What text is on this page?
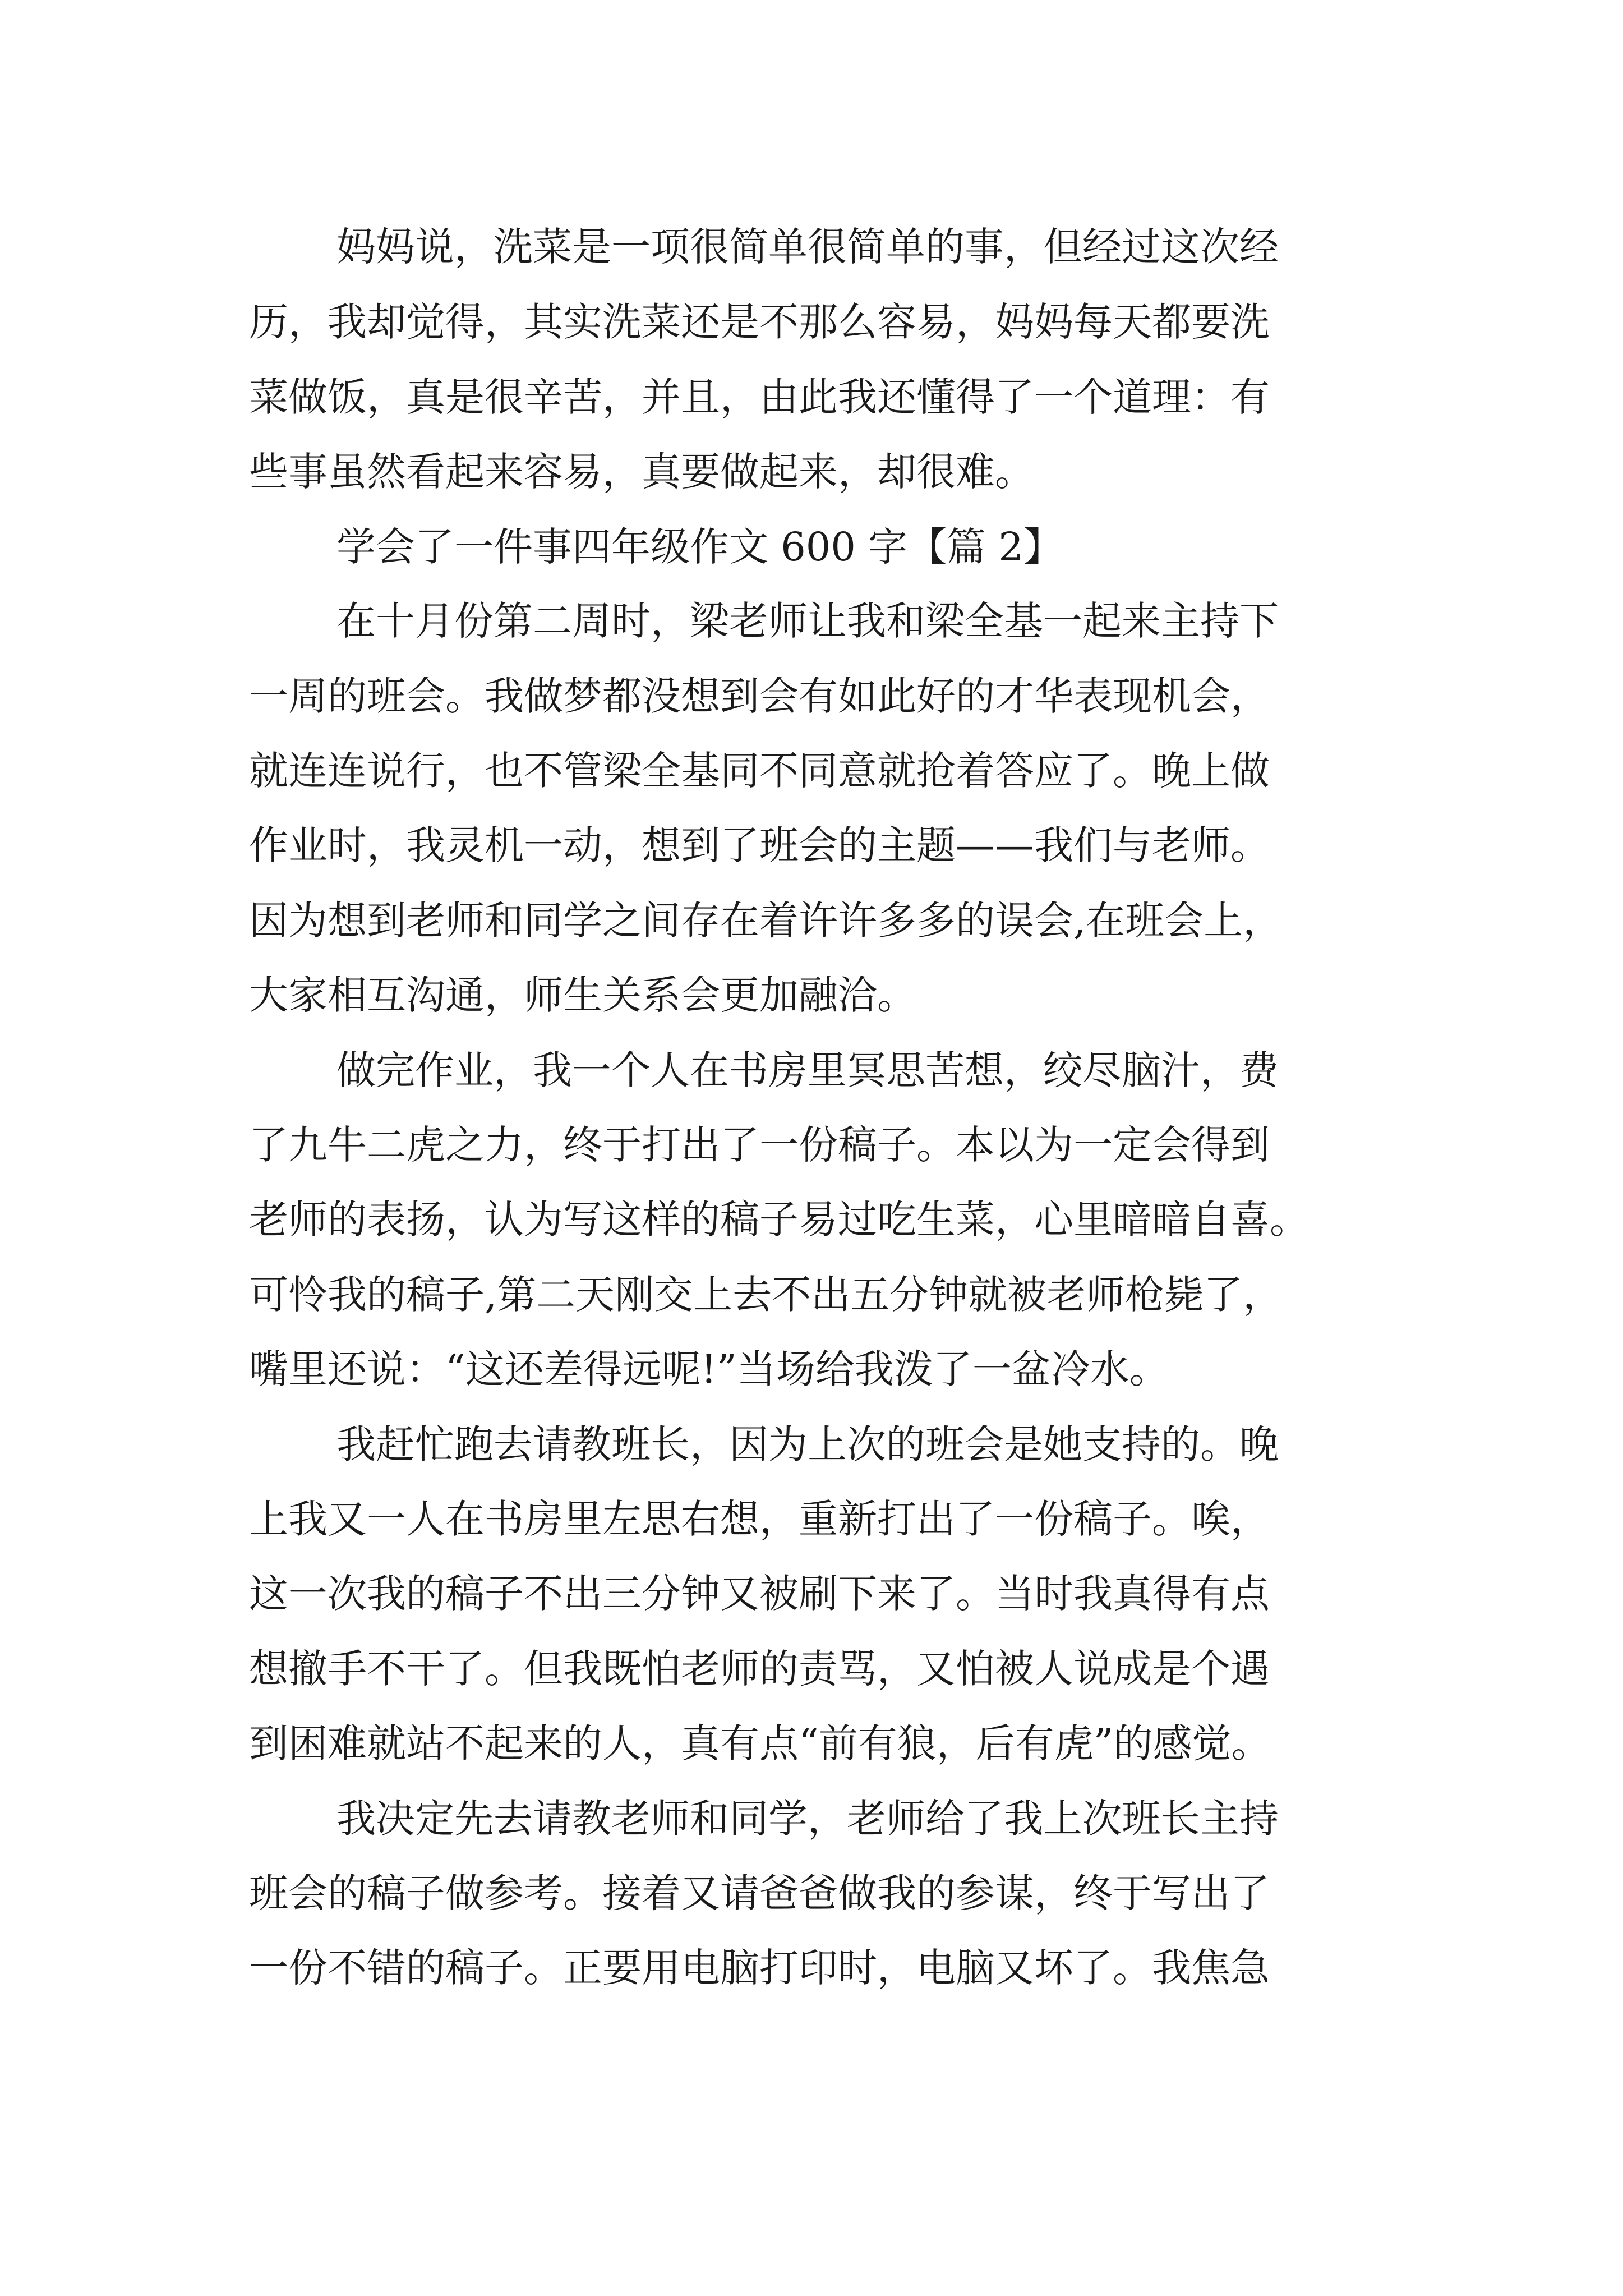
妈妈说，洗菜是一项很简单很简单的事，但经过这次经
历，我却觉得，其实洗菜还是不那么容易，妈妈每天都要洗
菜做饭，真是很辛苦，并且，由此我还懂得了一个道理：有
些事虽然看起来容易，真要做起来，却很难。
学会了一件事四年级作文 600 字【篇 2】
在十月份第二周时，梁老师让我和梁全基一起来主持下
一周的班会。我做梦都没想到会有如此好的才华表现机会，
就连连说行，也不管梁全基同不同意就抢着答应了。晚上做
作业时，我灵机一动，想到了班会的主题——我们与老师。
因为想到老师和同学之间存在着许许多多的误会,在班会上，
大家相互沟通，师生关系会更加融洽。
做完作业，我一个人在书房里冥思苦想，绞尽脑汁，费
了九牛二虎之力，终于打出了一份稿子。本以为一定会得到
老师的表扬，认为写这样的稿子易过吃生菜，心里暗暗自喜。
可怜我的稿子,第二天刚交上去不出五分钟就被老师枪毙了，
嘴里还说：“这还差得远呢!”当场给我泼了一盆冷水。
我赶忙跑去请教班长，因为上次的班会是她支持的。晚
上我又一人在书房里左思右想，重新打出了一份稿子。唉，
这一次我的稿子不出三分钟又被刷下来了。当时我真得有点
想撤手不干了。但我既怕老师的责骂，又怕被人说成是个遇
到困难就站不起来的人，真有点“前有狼，后有虎”的感觉。
我决定先去请教老师和同学，老师给了我上次班长主持
班会的稿子做参考。接着又请爸爸做我的参谋，终于写出了
一份不错的稿子。正要用电脑打印时，电脑又坏了。我焦急
